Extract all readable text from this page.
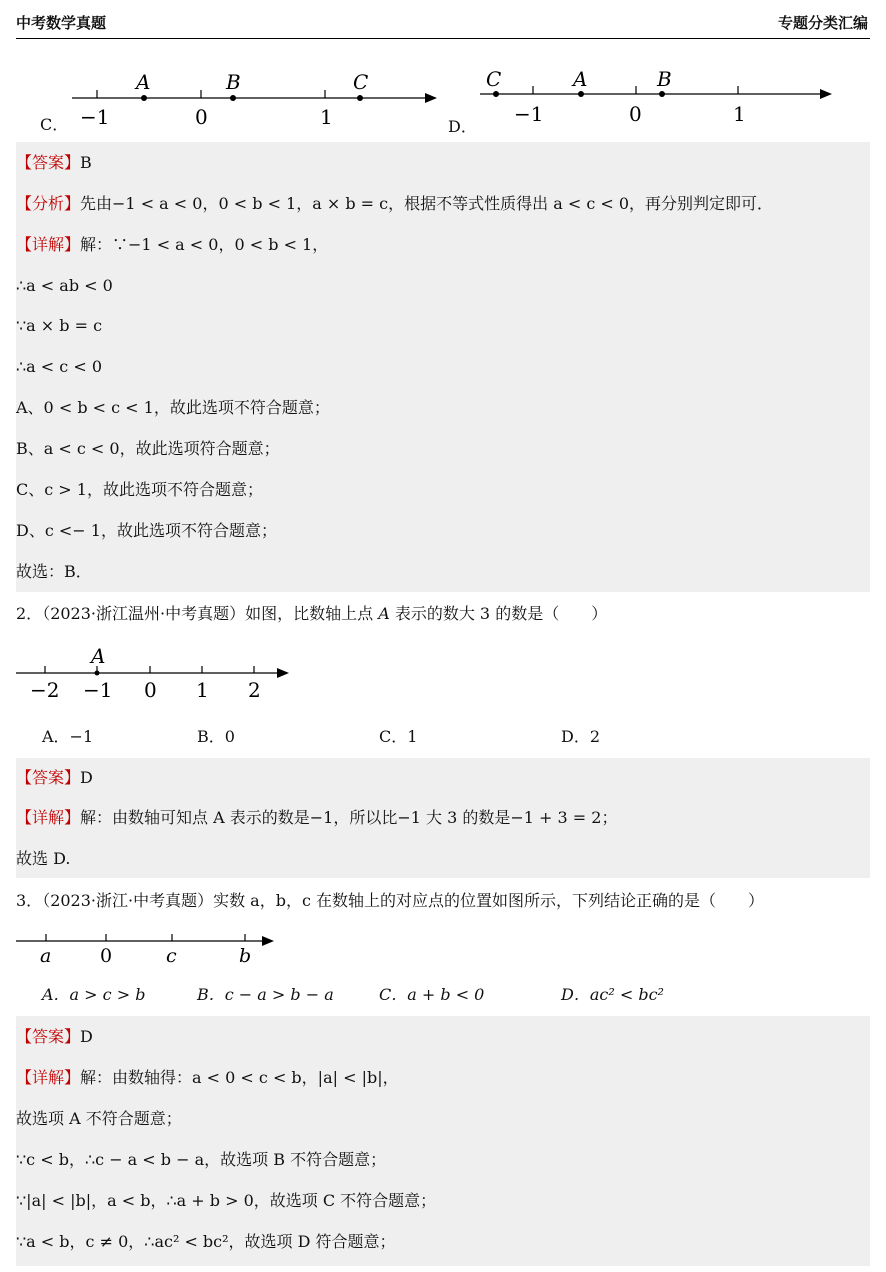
中考数学真题	专题分类汇编
C． −1	0	1
A	B	C
−1	0	1
C	A	B
D．
【答案】B
【分析】先由−1 < a < 0，0 < b < 1，a × b = c，根据不等式性质得出 a < c < 0，再分别判定即可．
【详解】解：∵−1 < a < 0，0 < b < 1，
∴a < ab < 0
∵a × b = c
∴a < c < 0
A、0 < b < c < 1，故此选项不符合题意；
B、a < c < 0，故此选项符合题意；
C、c > 1，故此选项不符合题意；
D、c <− 1，故此选项不符合题意；
故选：B．
2．（2023·浙江温州·中考真题）如图，比数轴上点 A 表示的数大 3 的数是（　　）
A
−2 −1 0 1 2
A．−1	B．0	C．1	D．2
【答案】D
【详解】解：由数轴可知点 A 表示的数是−1，所以比−1 大 3 的数是−1 + 3 = 2；
故选 D.
3．（2023·浙江·中考真题）实数 a，b，c 在数轴上的对应点的位置如图所示，下列结论正确的是（　　）
a	0	c	b
A．a > c > b	B．c − a > b − a	C．a + b < 0	D．ac² < bc²
【答案】D
【详解】解：由数轴得：a < 0 < c < b，|a| < |b|，
故选项 A 不符合题意；
∵c < b，∴c − a < b − a，故选项 B 不符合题意；
∵|a| < |b|，a < b，∴a + b > 0，故选项 C 不符合题意；
∵a < b，c ≠ 0，∴ac² < bc²，故选项 D 符合题意；
